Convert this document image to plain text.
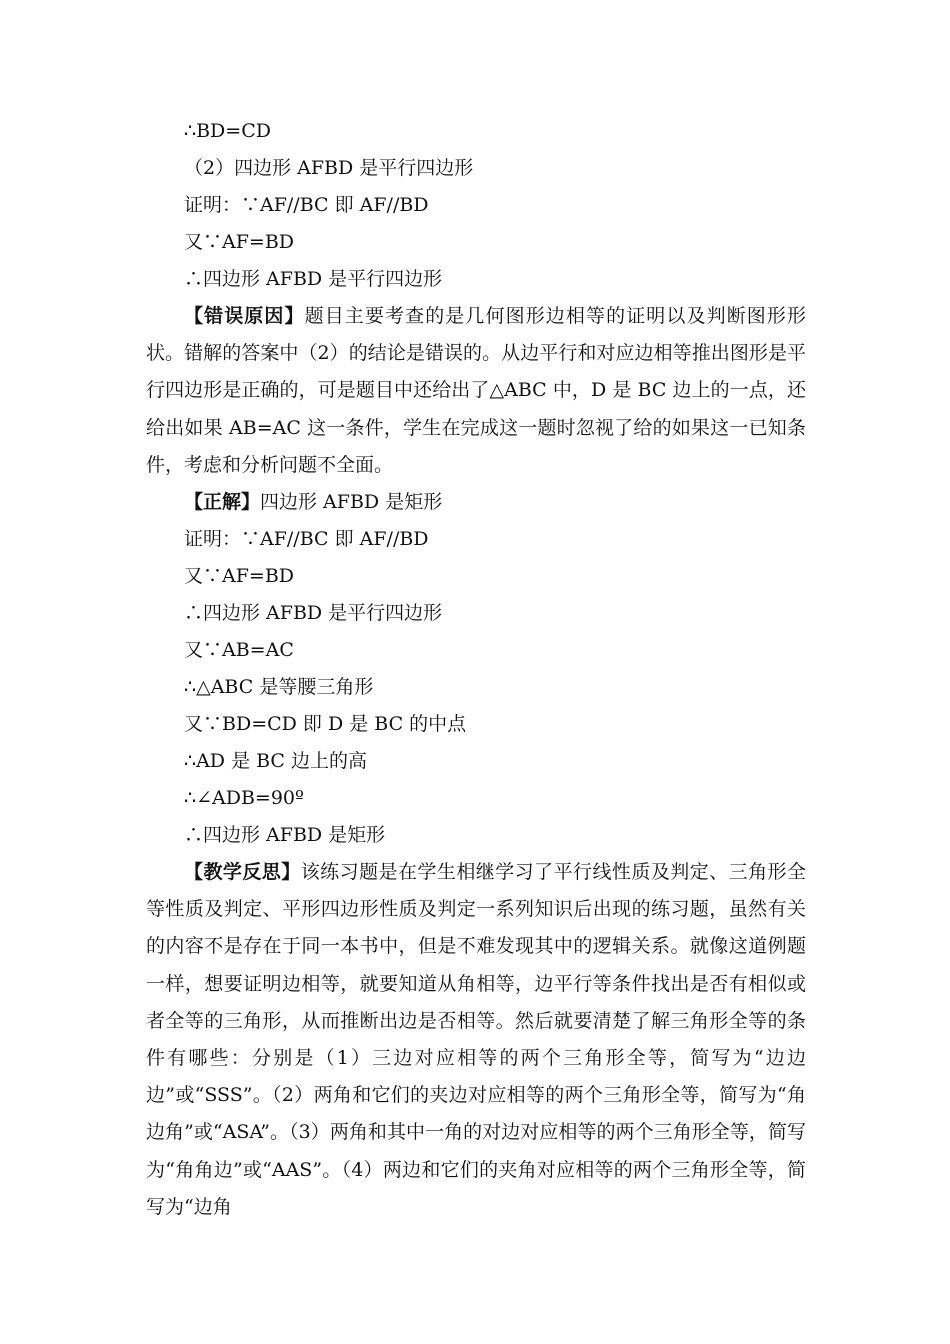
∴BD=CD
（2）四边形 AFBD 是平行四边形
证明：∵AF//BC 即 AF//BD
又∵AF=BD
∴四边形 AFBD 是平行四边形
【错误原因】题目主要考查的是几何图形边相等的证明以及判断图形形状。错解的答案中（2）的结论是错误的。从边平行和对应边相等推出图形是平行四边形是正确的，可是题目中还给出了△ABC 中，D 是 BC 边上的一点，还给出如果 AB=AC 这一条件，学生在完成这一题时忽视了给的如果这一已知条件，考虑和分析问题不全面。
【正解】四边形 AFBD 是矩形
证明：∵AF//BC 即 AF//BD
又∵AF=BD
∴四边形 AFBD 是平行四边形
又∵AB=AC
∴△ABC 是等腰三角形
又∵BD=CD 即 D 是 BC 的中点
∴AD 是 BC 边上的高
∴∠ADB=90º
∴四边形 AFBD 是矩形
【教学反思】该练习题是在学生相继学习了平行线性质及判定、三角形全等性质及判定、平形四边形性质及判定一系列知识后出现的练习题，虽然有关的内容不是存在于同一本书中，但是不难发现其中的逻辑关系。就像这道例题一样，想要证明边相等，就要知道从角相等，边平行等条件找出是否有相似或者全等的三角形，从而推断出边是否相等。然后就要清楚了解三角形全等的条件有哪些：分别是（1）三边对应相等的两个三角形全等，简写为“边边边”或“SSS”。（2）两角和它们的夹边对应相等的两个三角形全等，简写为“角边角”或“ASA”。（3）两角和其中一角的对边对应相等的两个三角形全等，简写为“角角边”或“AAS”。（4）两边和它们的夹角对应相等的两个三角形全等，简写为“边角
